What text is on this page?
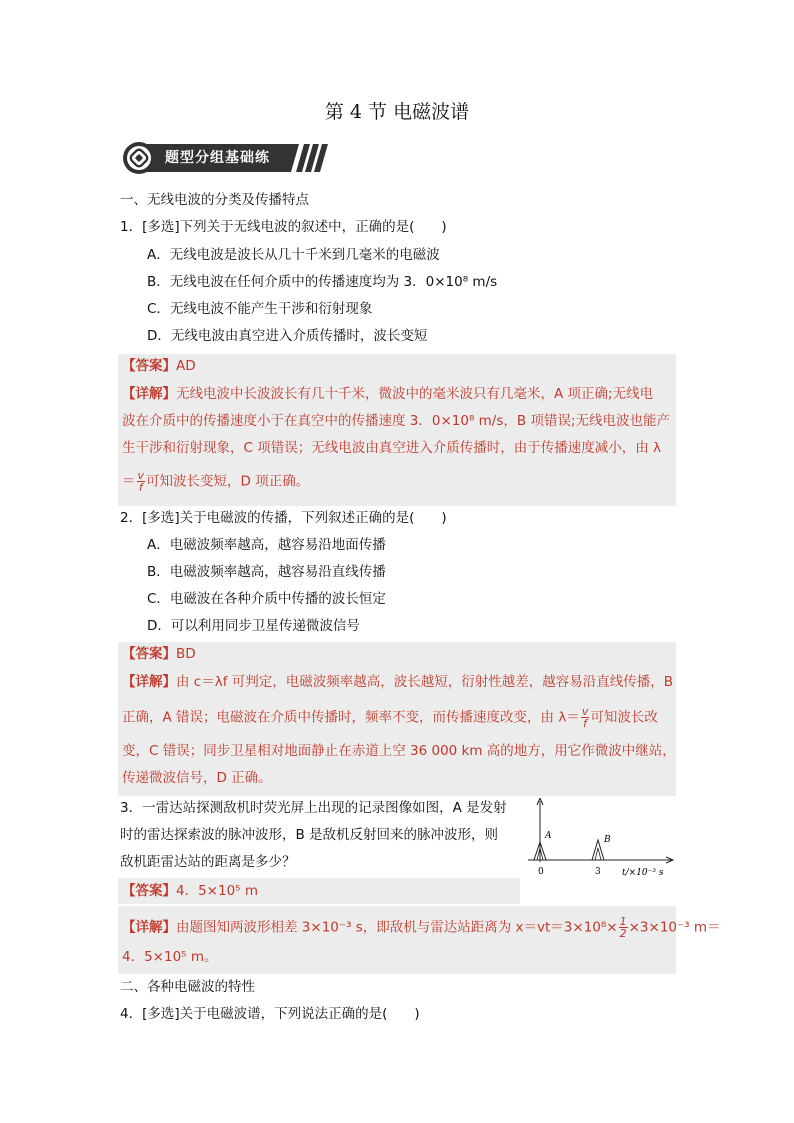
第 4 节 电磁波谱
题型分组基础练
一、无线电波的分类及传播特点
1．[多选]下列关于无线电波的叙述中，正确的是(　　)
A．无线电波是波长从几十千米到几毫米的电磁波
B．无线电波在任何介质中的传播速度均为 3．0×10⁸ m/s
C．无线电波不能产生干涉和衍射现象
D．无线电波由真空进入介质传播时，波长变短
【答案】AD
【详解】无线电波中长波波长有几十千米，微波中的毫米波只有几毫米，A 项正确;无线电
波在介质中的传播速度小于在真空中的传播速度 3．0×10⁸ m/s，B 项错误;无线电波也能产
生干涉和衍射现象，C 项错误；无线电波由真空进入介质传播时，由于传播速度减小，由 λ
＝ $\frac{v}{f}$ 可知波长变短，D 项正确。
2．[多选]关于电磁波的传播，下列叙述正确的是(　　)
A．电磁波频率越高，越容易沿地面传播
B．电磁波频率越高，越容易沿直线传播
C．电磁波在各种介质中传播的波长恒定
D．可以利用同步卫星传递微波信号
【答案】BD
【详解】由 c＝λf 可判定，电磁波频率越高，波长越短，衍射性越差，越容易沿直线传播，B
正确，A 错误；电磁波在介质中传播时，频率不变，而传播速度改变，由 $\lambda= \frac{v}{f}$ 可知波长改
变，C 错误；同步卫星相对地面静止在赤道上空 36 000 km 高的地方，用它作微波中继站，
传递微波信号，D 正确。
3．一雷达站探测敌机时荧光屏上出现的记录图像如图，A 是发射
时的雷达探索波的脉冲波形，B 是敌机反射回来的脉冲波形，则
敌机距雷达站的距离是多少？
A	B
0	3 t/×10⁻³ s
【答案】4．5×10⁵ m
【详解】由题图知两波形相差 3×10⁻³ s，即敌机与雷达站距离为 $x=vt=3\times 10^8\times \frac{1}{2} \times 3\times 10^{-3}$ m＝
4．5×10⁵ m。
二、各种电磁波的特性
4．[多选]关于电磁波谱，下列说法正确的是(　　)
